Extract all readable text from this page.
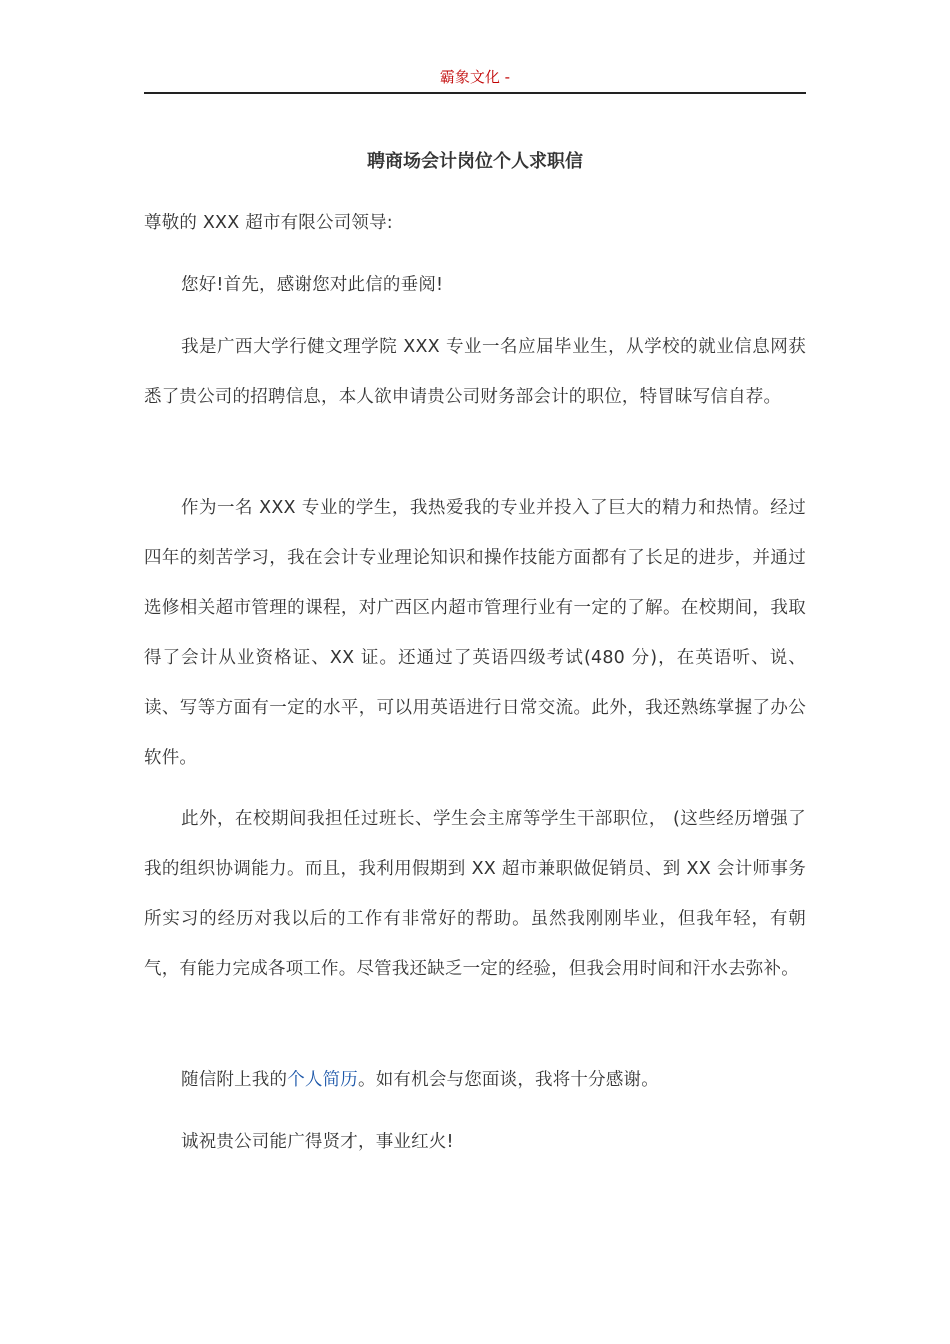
霸象文化 -
聘商场会计岗位个人求职信
尊敬的 XXX 超市有限公司领导:
您好!首先，感谢您对此信的垂阅!
我是广西大学行健文理学院 XXX 专业一名应届毕业生，从学校的就业信息网获悉了贵公司的招聘信息，本人欲申请贵公司财务部会计的职位，特冒昧写信自荐。
作为一名 XXX 专业的学生，我热爱我的专业并投入了巨大的精力和热情。经过四年的刻苦学习，我在会计专业理论知识和操作技能方面都有了长足的进步，并通过选修相关超市管理的课程，对广西区内超市管理行业有一定的了解。在校期间，我取得了会计从业资格证、XX 证。还通过了英语四级考试(480 分)，在英语听、说、读、写等方面有一定的水平，可以用英语进行日常交流。此外，我还熟练掌握了办公软件。
此外，在校期间我担任过班长、学生会主席等学生干部职位， (这些经历增强了我的组织协调能力。而且，我利用假期到 XX 超市兼职做促销员、到 XX 会计师事务所实习的经历对我以后的工作有非常好的帮助。虽然我刚刚毕业，但我年轻，有朝气，有能力完成各项工作。尽管我还缺乏一定的经验，但我会用时间和汗水去弥补。
随信附上我的个人简历。如有机会与您面谈，我将十分感谢。
诚祝贵公司能广得贤才，事业红火!
